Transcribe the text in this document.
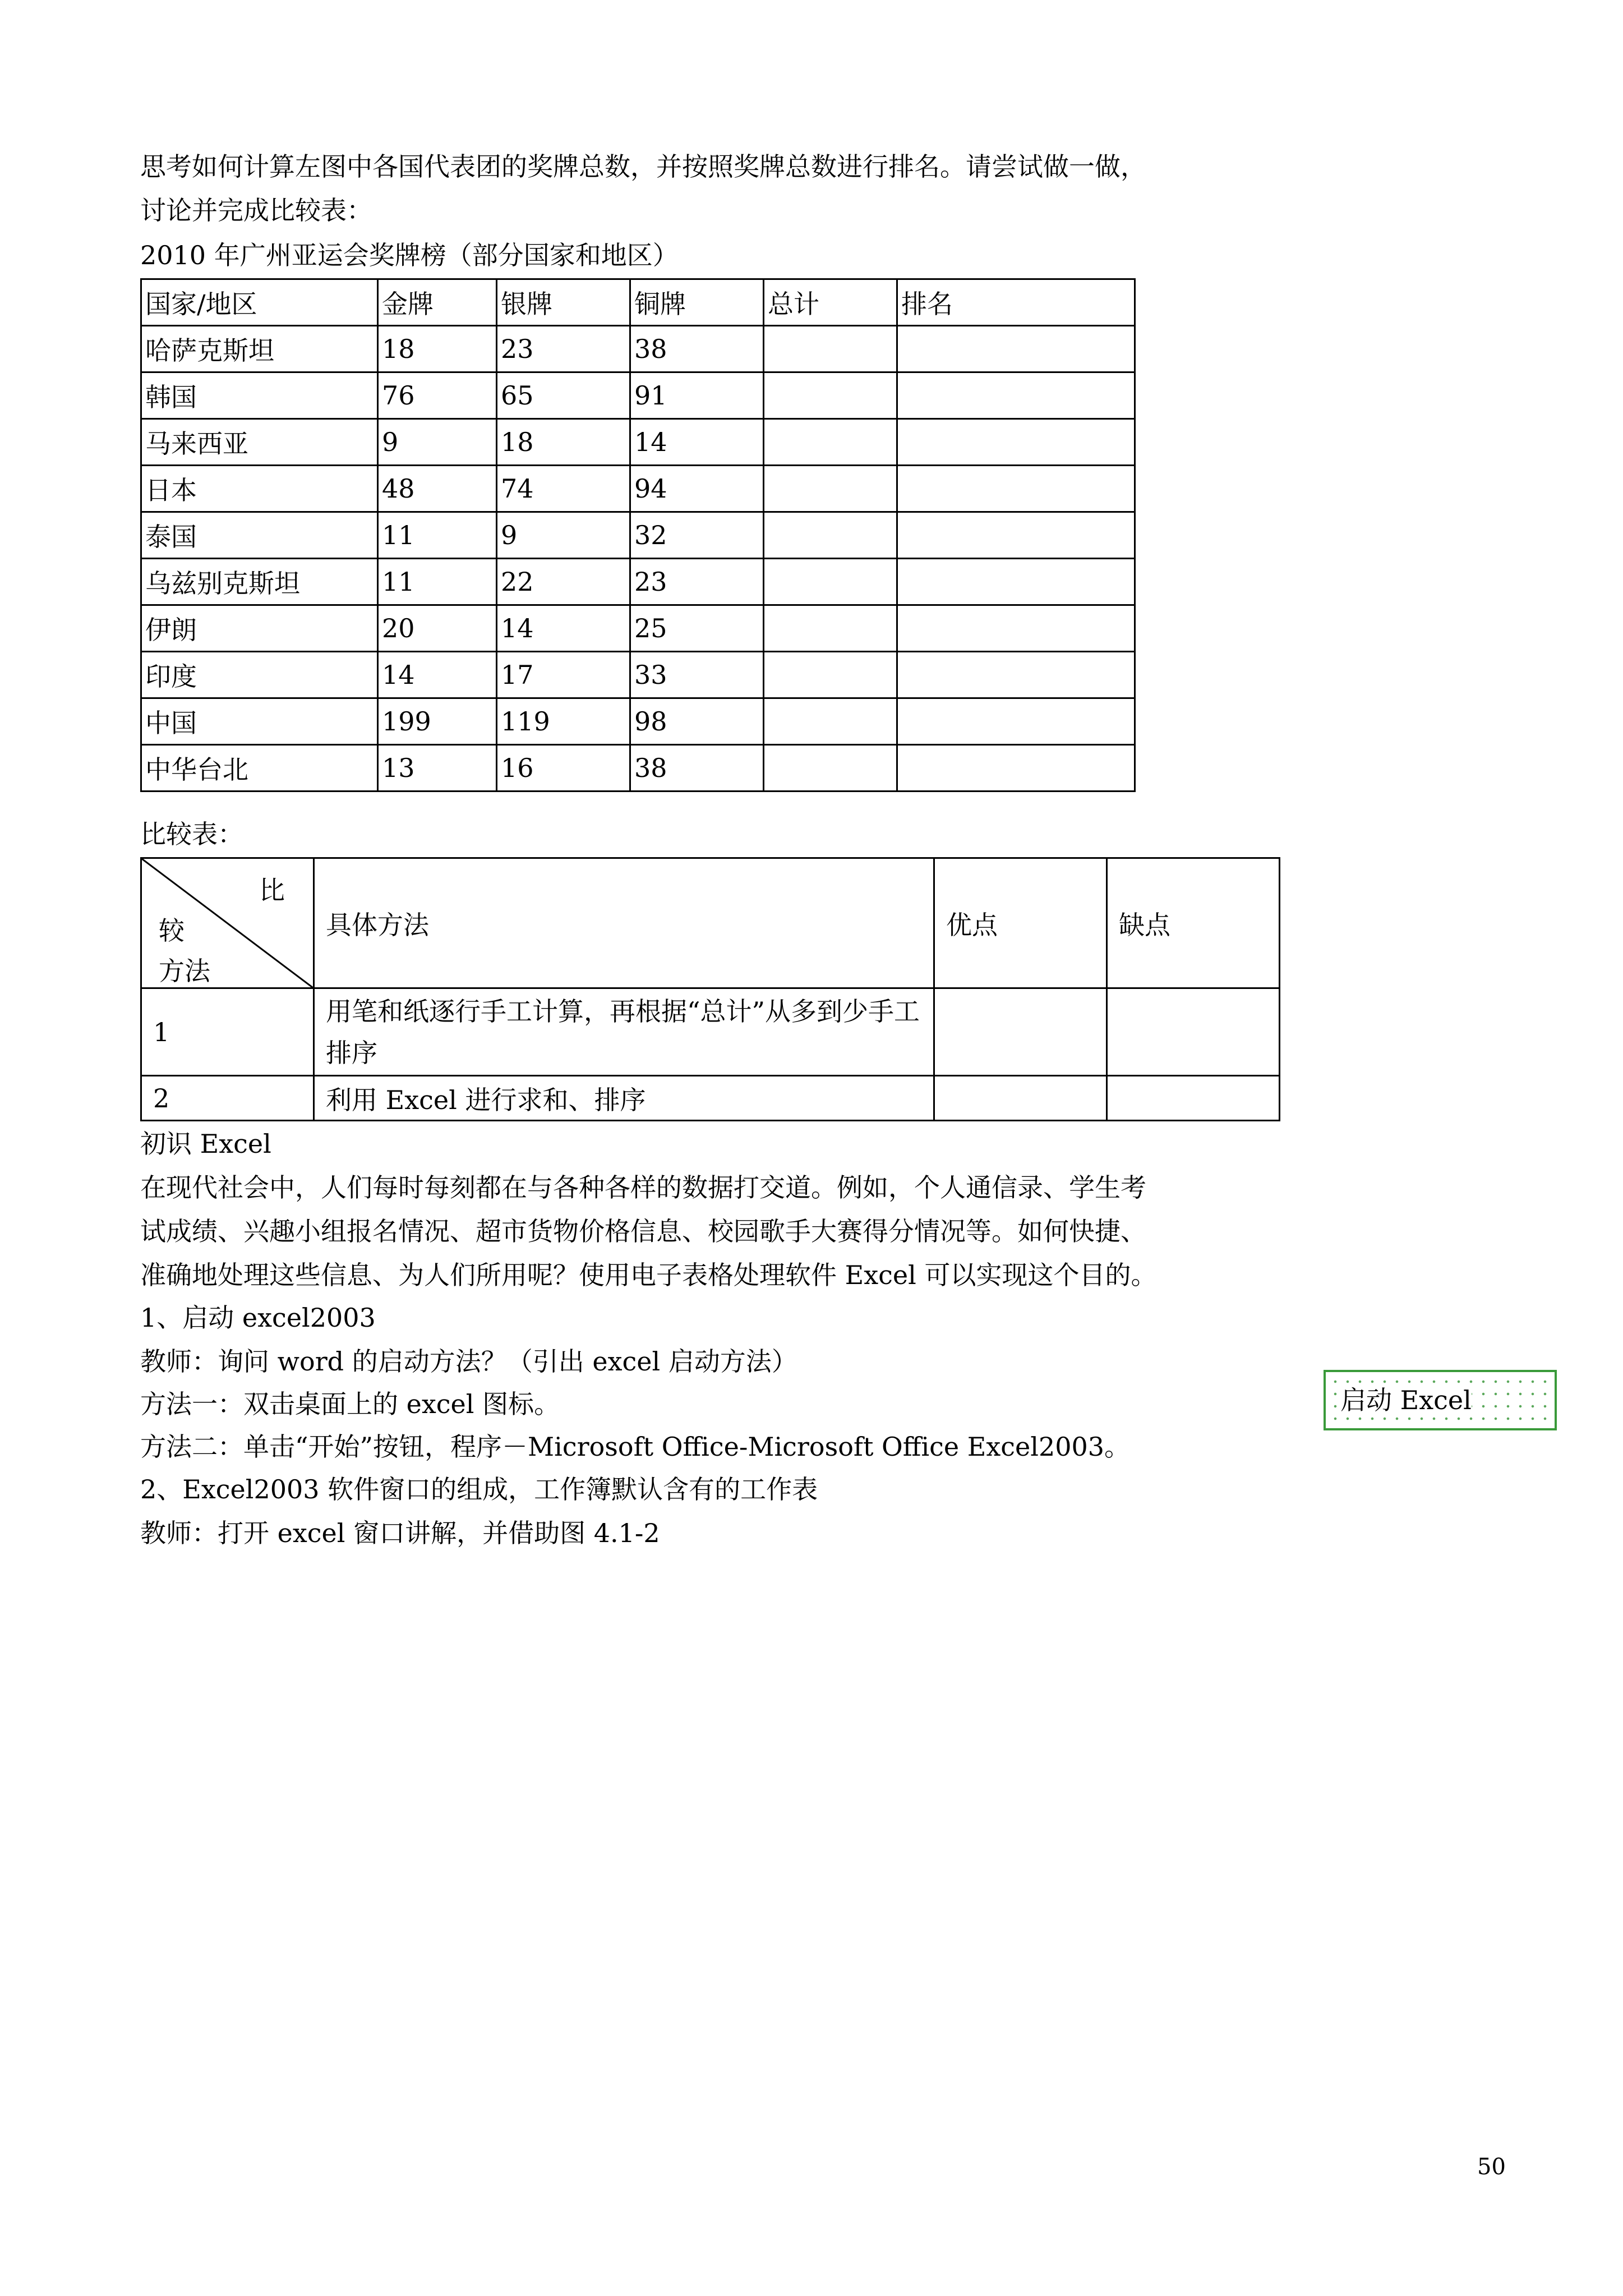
思考如何计算左图中各国代表团的奖牌总数，并按照奖牌总数进行排名。请尝试做一做，
讨论并完成比较表：
2010 年广州亚运会奖牌榜（部分国家和地区）
国家/地区	金牌	银牌	铜牌	总计	排名
哈萨克斯坦	18	23	38		
韩国	76	65	91		
马来西亚	9	18	14		
日本	48	74	94		
泰国	11	9	32		
乌兹别克斯坦	11	22	23		
伊朗	20	14	25		
印度	14	17	33		
中国	199	119	98		
中华台北	13	16	38		
比较表：
比
较
方法	具体方法	优点	缺点
1	用笔和纸逐行手工计算，再根据“总计”从多到少手工排序		
2	利用 Excel 进行求和、排序		
初识 Excel
在现代社会中，人们每时每刻都在与各种各样的数据打交道。例如，个人通信录、学生考
试成绩、兴趣小组报名情况、超市货物价格信息、校园歌手大赛得分情况等。如何快捷、
准确地处理这些信息、为人们所用呢？使用电子表格处理软件 Excel 可以实现这个目的。
1、启动 excel2003
教师：询问 word 的启动方法？（引出 excel 启动方法）
方法一：双击桌面上的 excel 图标。
方法二：单击“开始”按钮，程序－Microsoft Office-Microsoft Office Excel2003。
2、Excel2003 软件窗口的组成，工作簿默认含有的工作表
教师：打开 excel 窗口讲解，并借助图 4.1-2
启动 Excel
50
